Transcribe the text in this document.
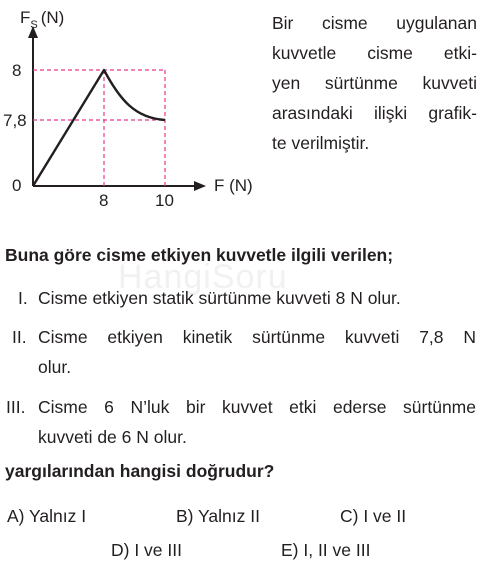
$F_S$ (N)
F (N)
8
7,8
0
8	10
Bir cisme uygulanan
kuvvetle cisme etki-
yen sürtünme kuvveti
arasındaki ilişki grafik-
te verilmiştir.
HangiSoru
Buna göre cisme etkiyen kuvvetle ilgili verilen;
I. Cisme etkiyen statik sürtünme kuvveti 8 N olur.
II. Cisme etkiyen kinetik sürtünme kuvveti 7,8 N
olur.
III. Cisme 6 N’luk bir kuvvet etki ederse sürtünme
kuvveti de 6 N olur.
yargılarından hangisi doğrudur?
A) Yalnız I	B) Yalnız II	C) I ve II
D) I ve III	E) I, II ve III
